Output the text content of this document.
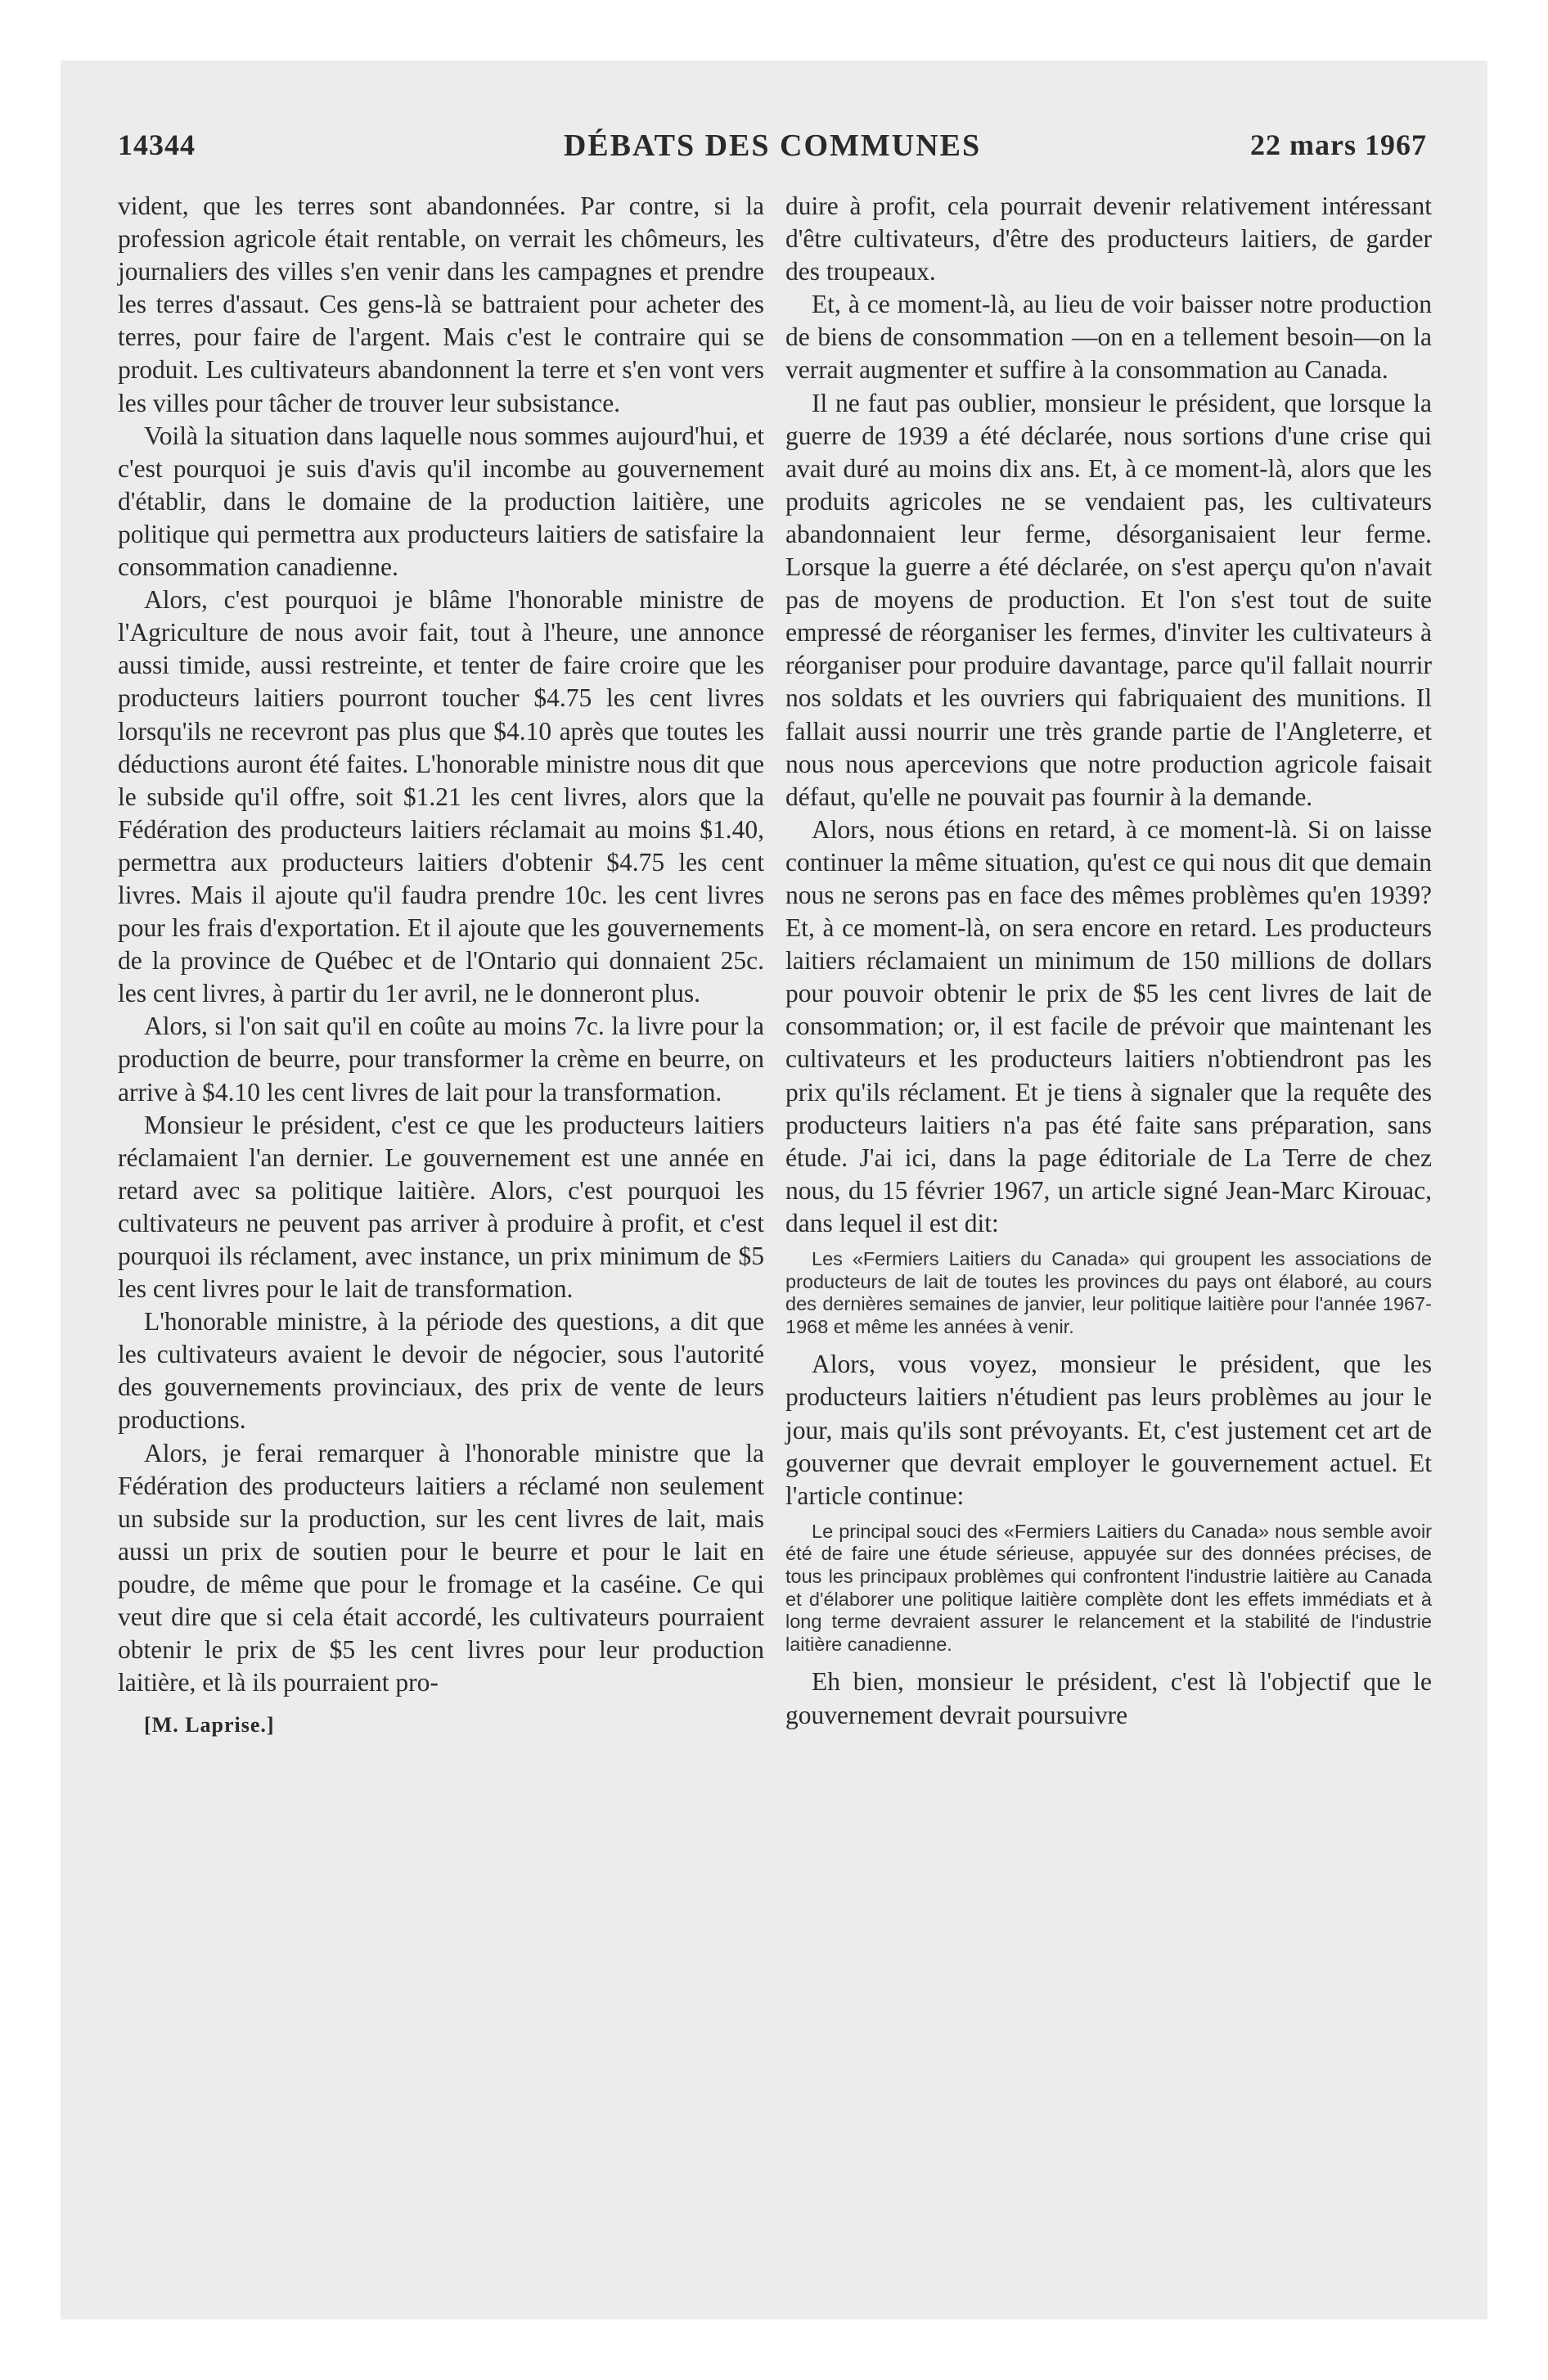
14344	DÉBATS DES COMMUNES	22 mars 1967

vident, que les terres sont abandonnées. Par contre, si la profession agricole était rentable, on verrait les chômeurs, les journaliers des villes s'en venir dans les campagnes et prendre les terres d'assaut. Ces gens-là se battraient pour acheter des terres, pour faire de l'argent. Mais c'est le contraire qui se produit. Les cultivateurs abandonnent la terre et s'en vont vers les villes pour tâcher de trouver leur subsistance.

Voilà la situation dans laquelle nous sommes aujourd'hui, et c'est pourquoi je suis d'avis qu'il incombe au gouvernement d'établir, dans le domaine de la production laitière, une politique qui permettra aux producteurs laitiers de satisfaire la consommation canadienne.

Alors, c'est pourquoi je blâme l'honorable ministre de l'Agriculture de nous avoir fait, tout à l'heure, une annonce aussi timide, aussi restreinte, et tenter de faire croire que les producteurs laitiers pourront toucher $4.75 les cent livres lorsqu'ils ne recevront pas plus que $4.10 après que toutes les déductions auront été faites. L'honorable ministre nous dit que le subside qu'il offre, soit $1.21 les cent livres, alors que la Fédération des producteurs laitiers réclamait au moins $1.40, permettra aux producteurs laitiers d'obtenir $4.75 les cent livres. Mais il ajoute qu'il faudra prendre 10c. les cent livres pour les frais d'exportation. Et il ajoute que les gouvernements de la province de Québec et de l'Ontario qui donnaient 25c. les cent livres, à partir du 1er avril, ne le donneront plus.

Alors, si l'on sait qu'il en coûte au moins 7c. la livre pour la production de beurre, pour transformer la crème en beurre, on arrive à $4.10 les cent livres de lait pour la transformation.

Monsieur le président, c'est ce que les producteurs laitiers réclamaient l'an dernier. Le gouvernement est une année en retard avec sa politique laitière. Alors, c'est pourquoi les cultivateurs ne peuvent pas arriver à produire à profit, et c'est pourquoi ils réclament, avec instance, un prix minimum de $5 les cent livres pour le lait de transformation.

L'honorable ministre, à la période des questions, a dit que les cultivateurs avaient le devoir de négocier, sous l'autorité des gouvernements provinciaux, des prix de vente de leurs productions.

Alors, je ferai remarquer à l'honorable ministre que la Fédération des producteurs laitiers a réclamé non seulement un subside sur la production, sur les cent livres de lait, mais aussi un prix de soutien pour le beurre et pour le lait en poudre, de même que pour le fromage et la caséine. Ce qui veut dire que si cela était accordé, les cultivateurs pourraient obtenir le prix de $5 les cent livres pour leur production laitière, et là ils pourraient pro-

[M. Laprise.]

duire à profit, cela pourrait devenir relativement intéressant d'être cultivateurs, d'être des producteurs laitiers, de garder des troupeaux.

Et, à ce moment-là, au lieu de voir baisser notre production de biens de consommation —on en a tellement besoin—on la verrait augmenter et suffire à la consommation au Canada.

Il ne faut pas oublier, monsieur le président, que lorsque la guerre de 1939 a été déclarée, nous sortions d'une crise qui avait duré au moins dix ans. Et, à ce moment-là, alors que les produits agricoles ne se vendaient pas, les cultivateurs abandonnaient leur ferme, désorganisaient leur ferme. Lorsque la guerre a été déclarée, on s'est aperçu qu'on n'avait pas de moyens de production. Et l'on s'est tout de suite empressé de réorganiser les fermes, d'inviter les cultivateurs à réorganiser pour produire davantage, parce qu'il fallait nourrir nos soldats et les ouvriers qui fabriquaient des munitions. Il fallait aussi nourrir une très grande partie de l'Angleterre, et nous nous apercevions que notre production agricole faisait défaut, qu'elle ne pouvait pas fournir à la demande.

Alors, nous étions en retard, à ce moment-là. Si on laisse continuer la même situation, qu'est ce qui nous dit que demain nous ne serons pas en face des mêmes problèmes qu'en 1939? Et, à ce moment-là, on sera encore en retard. Les producteurs laitiers réclamaient un minimum de 150 millions de dollars pour pouvoir obtenir le prix de $5 les cent livres de lait de consommation; or, il est facile de prévoir que maintenant les cultivateurs et les producteurs laitiers n'obtiendront pas les prix qu'ils réclament. Et je tiens à signaler que la requête des producteurs laitiers n'a pas été faite sans préparation, sans étude. J'ai ici, dans la page éditoriale de La Terre de chez nous, du 15 février 1967, un article signé Jean-Marc Kirouac, dans lequel il est dit:

Les «Fermiers Laitiers du Canada» qui groupent les associations de producteurs de lait de toutes les provinces du pays ont élaboré, au cours des dernières semaines de janvier, leur politique laitière pour l'année 1967-1968 et même les années à venir.

Alors, vous voyez, monsieur le président, que les producteurs laitiers n'étudient pas leurs problèmes au jour le jour, mais qu'ils sont prévoyants. Et, c'est justement cet art de gouverner que devrait employer le gouvernement actuel. Et l'article continue:

Le principal souci des «Fermiers Laitiers du Canada» nous semble avoir été de faire une étude sérieuse, appuyée sur des données précises, de tous les principaux problèmes qui confrontent l'industrie laitière au Canada et d'élaborer une politique laitière complète dont les effets immédiats et à long terme devraient assurer le relancement et la stabilité de l'industrie laitière canadienne.

Eh bien, monsieur le président, c'est là l'objectif que le gouvernement devrait poursuivre
